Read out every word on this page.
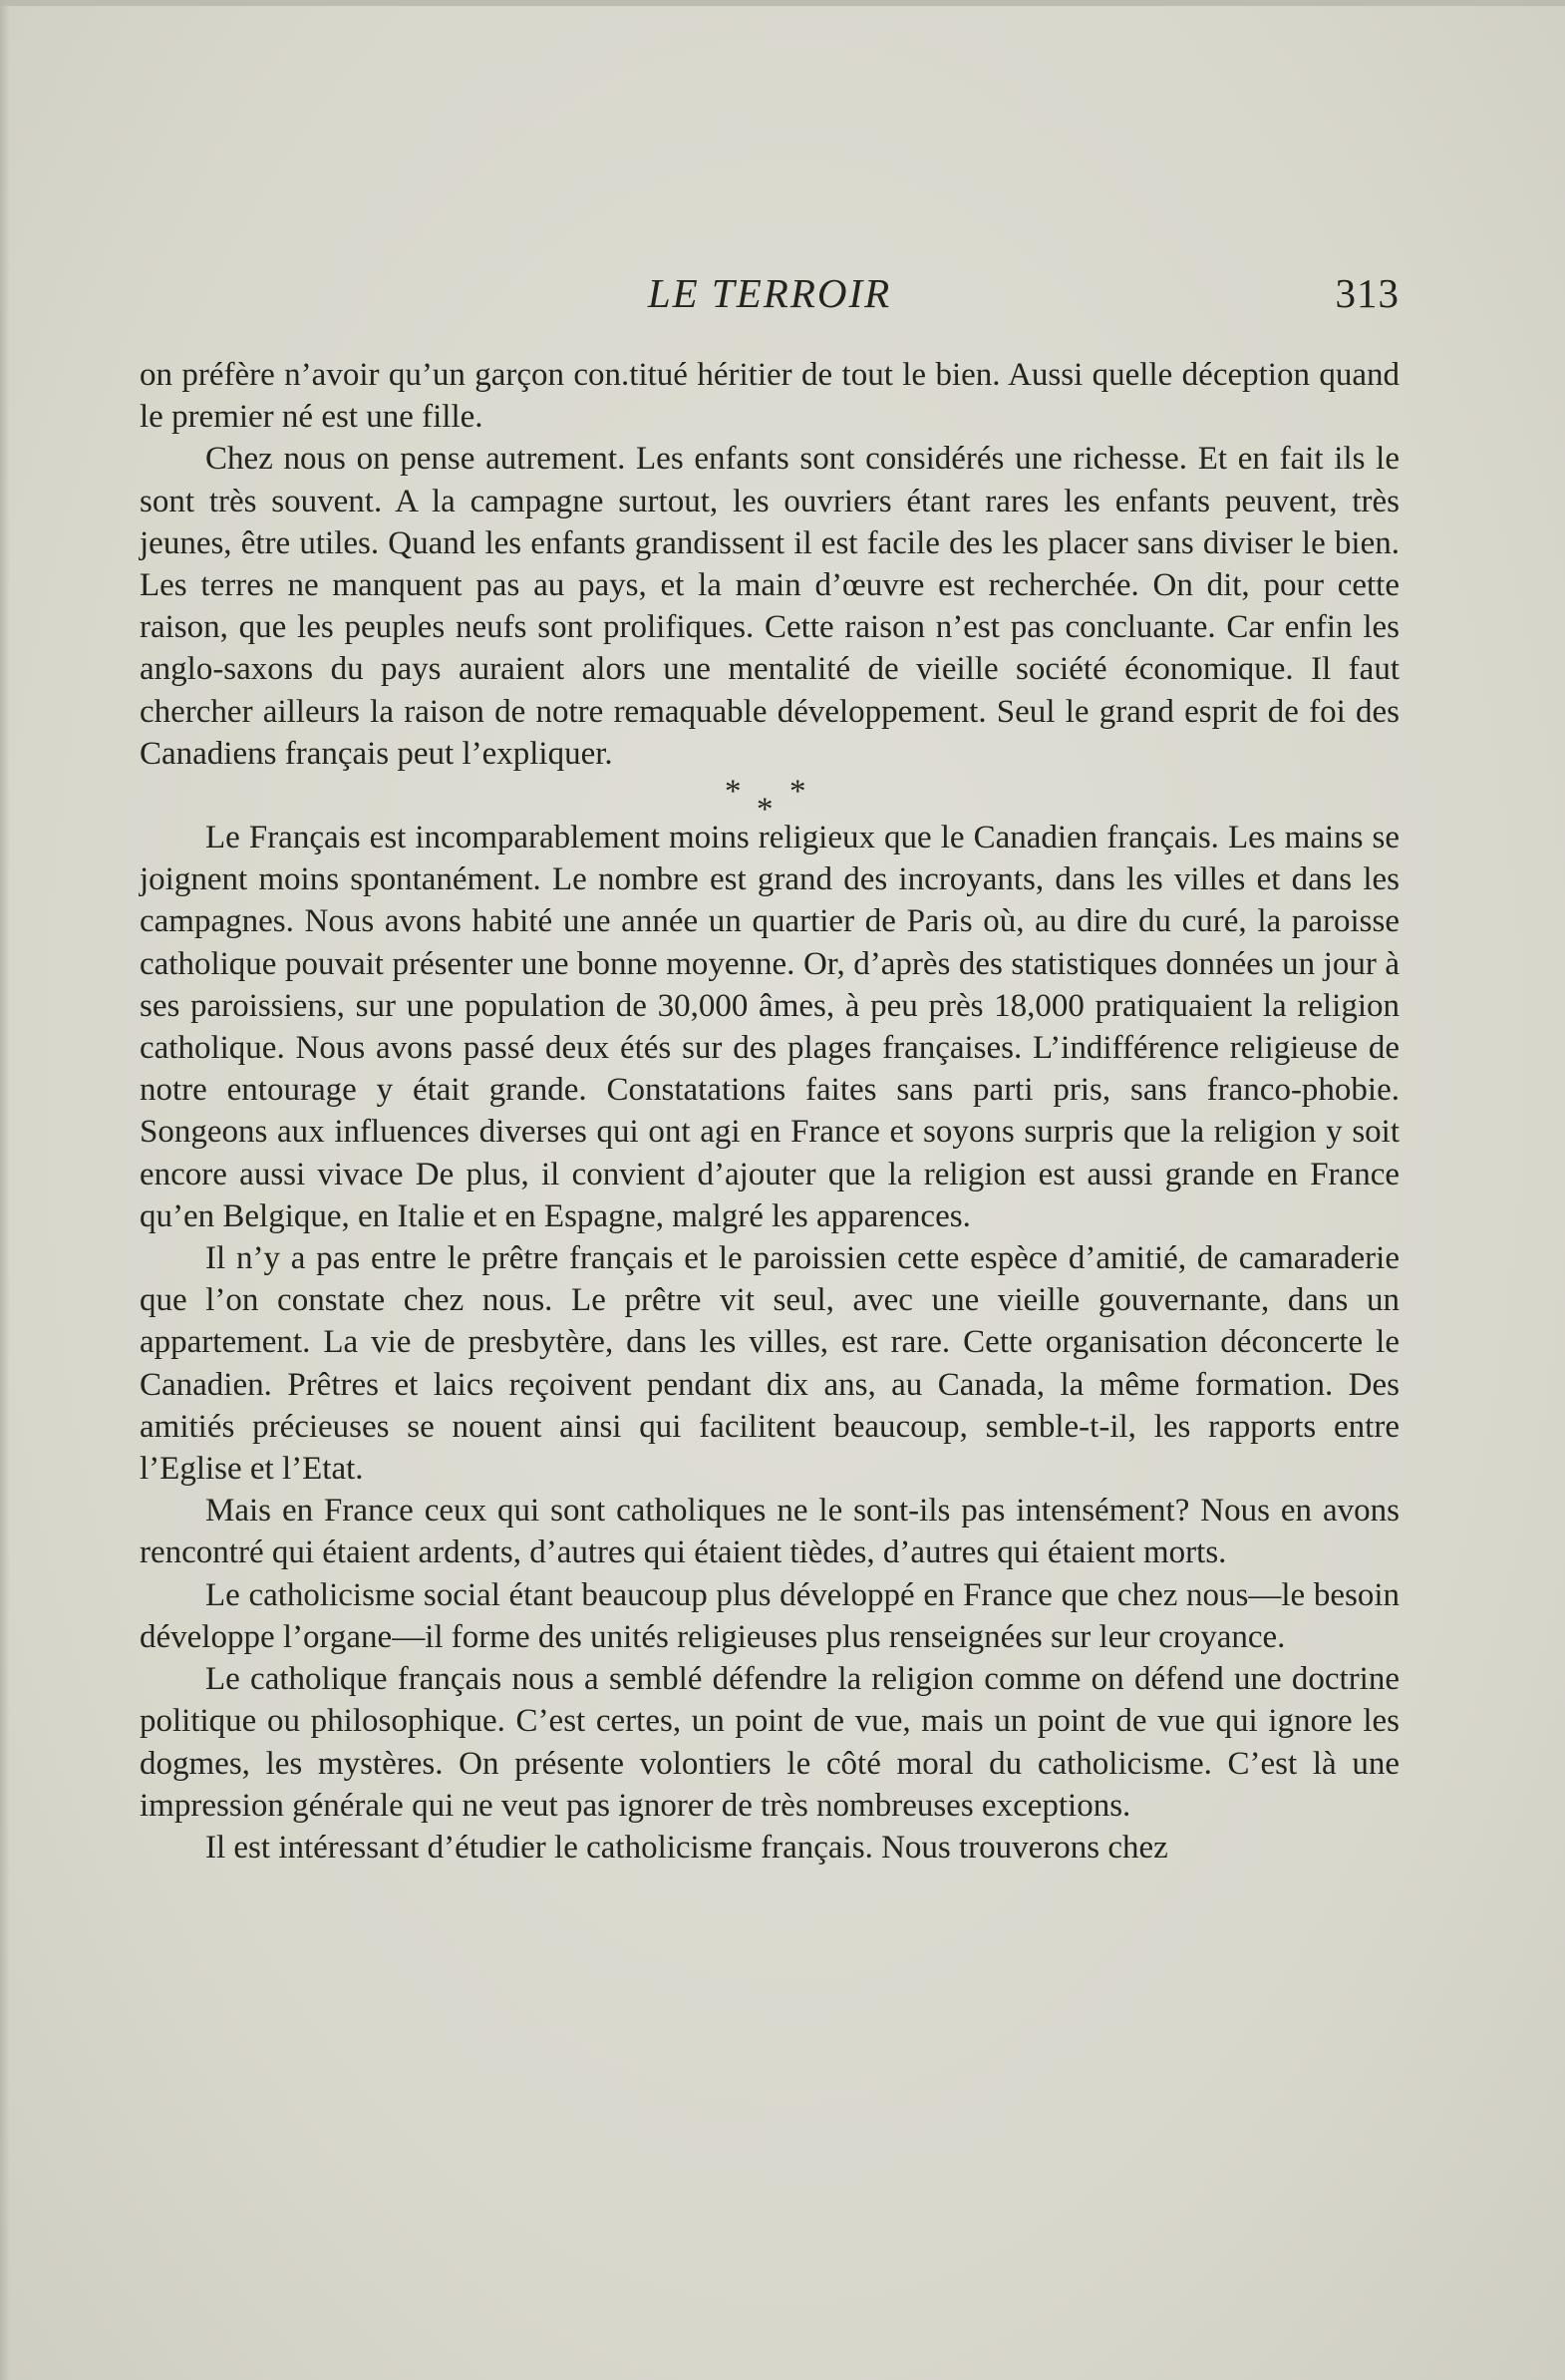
LE TERROIR	313

on préfère n’avoir qu’un garçon con.titué héritier de tout le bien. Aussi quelle déception quand le premier né est une fille.

Chez nous on pense autrement. Les enfants sont considérés une richesse. Et en fait ils le sont très souvent. A la campagne surtout, les ouvriers étant rares les enfants peuvent, très jeunes, être utiles. Quand les enfants grandissent il est facile des les placer sans diviser le bien. Les terres ne manquent pas au pays, et la main d’œuvre est recherchée. On dit, pour cette raison, que les peuples neufs sont prolifiques. Cette raison n’est pas concluante. Car enfin les anglo-saxons du pays auraient alors une mentalité de vieille société économique. Il faut chercher ailleurs la raison de notre remaquable développement. Seul le grand esprit de foi des Canadiens français peut l’expliquer.

* *
*

Le Français est incomparablement moins religieux que le Canadien français. Les mains se joignent moins spontanément. Le nombre est grand des incroyants, dans les villes et dans les campagnes. Nous avons habité une année un quartier de Paris où, au dire du curé, la paroisse catholique pouvait présenter une bonne moyenne. Or, d’après des statistiques données un jour à ses paroissiens, sur une population de 30,000 âmes, à peu près 18,000 pratiquaient la religion catholique. Nous avons passé deux étés sur des plages françaises. L’indifférence religieuse de notre entourage y était grande. Constatations faites sans parti pris, sans franco-phobie. Songeons aux influences diverses qui ont agi en France et soyons surpris que la religion y soit encore aussi vivace De plus, il convient d’ajouter que la religion est aussi grande en France qu’en Belgique, en Italie et en Espagne, malgré les apparences.

Il n’y a pas entre le prêtre français et le paroissien cette espèce d’amitié, de camaraderie que l’on constate chez nous. Le prêtre vit seul, avec une vieille gouvernante, dans un appartement. La vie de presbytère, dans les villes, est rare. Cette organisation déconcerte le Canadien. Prêtres et laics reçoivent pendant dix ans, au Canada, la même formation. Des amitiés précieuses se nouent ainsi qui facilitent beaucoup, semble-t-il, les rapports entre l’Eglise et l’Etat.

Mais en France ceux qui sont catholiques ne le sont-ils pas intensément? Nous en avons rencontré qui étaient ardents, d’autres qui étaient tièdes, d’autres qui étaient morts.

Le catholicisme social étant beaucoup plus développé en France que chez nous—le besoin développe l’organe—il forme des unités religieuses plus renseignées sur leur croyance.

Le catholique français nous a semblé défendre la religion comme on défend une doctrine politique ou philosophique. C’est certes, un point de vue, mais un point de vue qui ignore les dogmes, les mystères. On présente volontiers le côté moral du catholicisme. C’est là une impression générale qui ne veut pas ignorer de très nombreuses exceptions.

Il est intéressant d’étudier le catholicisme français. Nous trouverons chez
